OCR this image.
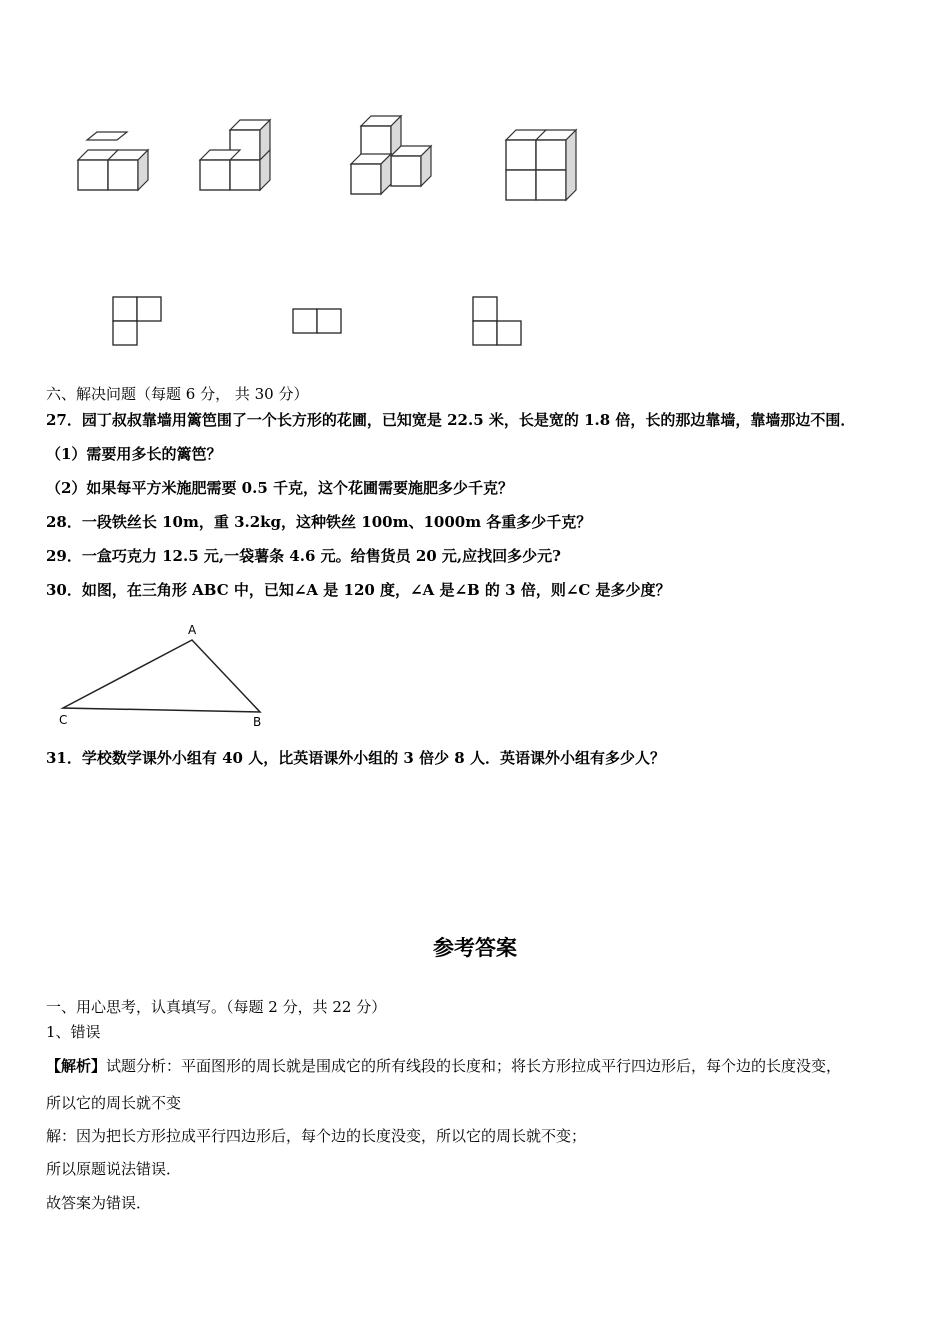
六、解决问题（每题 6 分， 共 30 分）
27．园丁叔叔靠墙用篱笆围了一个长方形的花圃，已知宽是 22.5 米，长是宽的 1.8 倍，长的那边靠墙，靠墙那边不围．
（1）需要用多长的篱笆？
（2）如果每平方米施肥需要 0.5 千克，这个花圃需要施肥多少千克？
28．一段铁丝长 10m，重 3.2kg，这种铁丝 100m、1000m 各重多少千克？
29．一盒巧克力 12.5 元,一袋薯条 4.6 元。给售货员 20 元,应找回多少元?
30．如图，在三角形 ABC 中，已知∠A 是 120 度，∠A 是∠B 的 3 倍，则∠C 是多少度？
A
C	B
31．学校数学课外小组有 40 人，比英语课外小组的 3 倍少 8 人．英语课外小组有多少人？
参考答案
一、用心思考，认真填写。（每题 2 分，共 22 分）
1、错误
【解析】试题分析：平面图形的周长就是围成它的所有线段的长度和；将长方形拉成平行四边形后，每个边的长度没变，
所以它的周长就不变
解：因为把长方形拉成平行四边形后，每个边的长度没变，所以它的周长就不变；
所以原题说法错误．
故答案为错误．
